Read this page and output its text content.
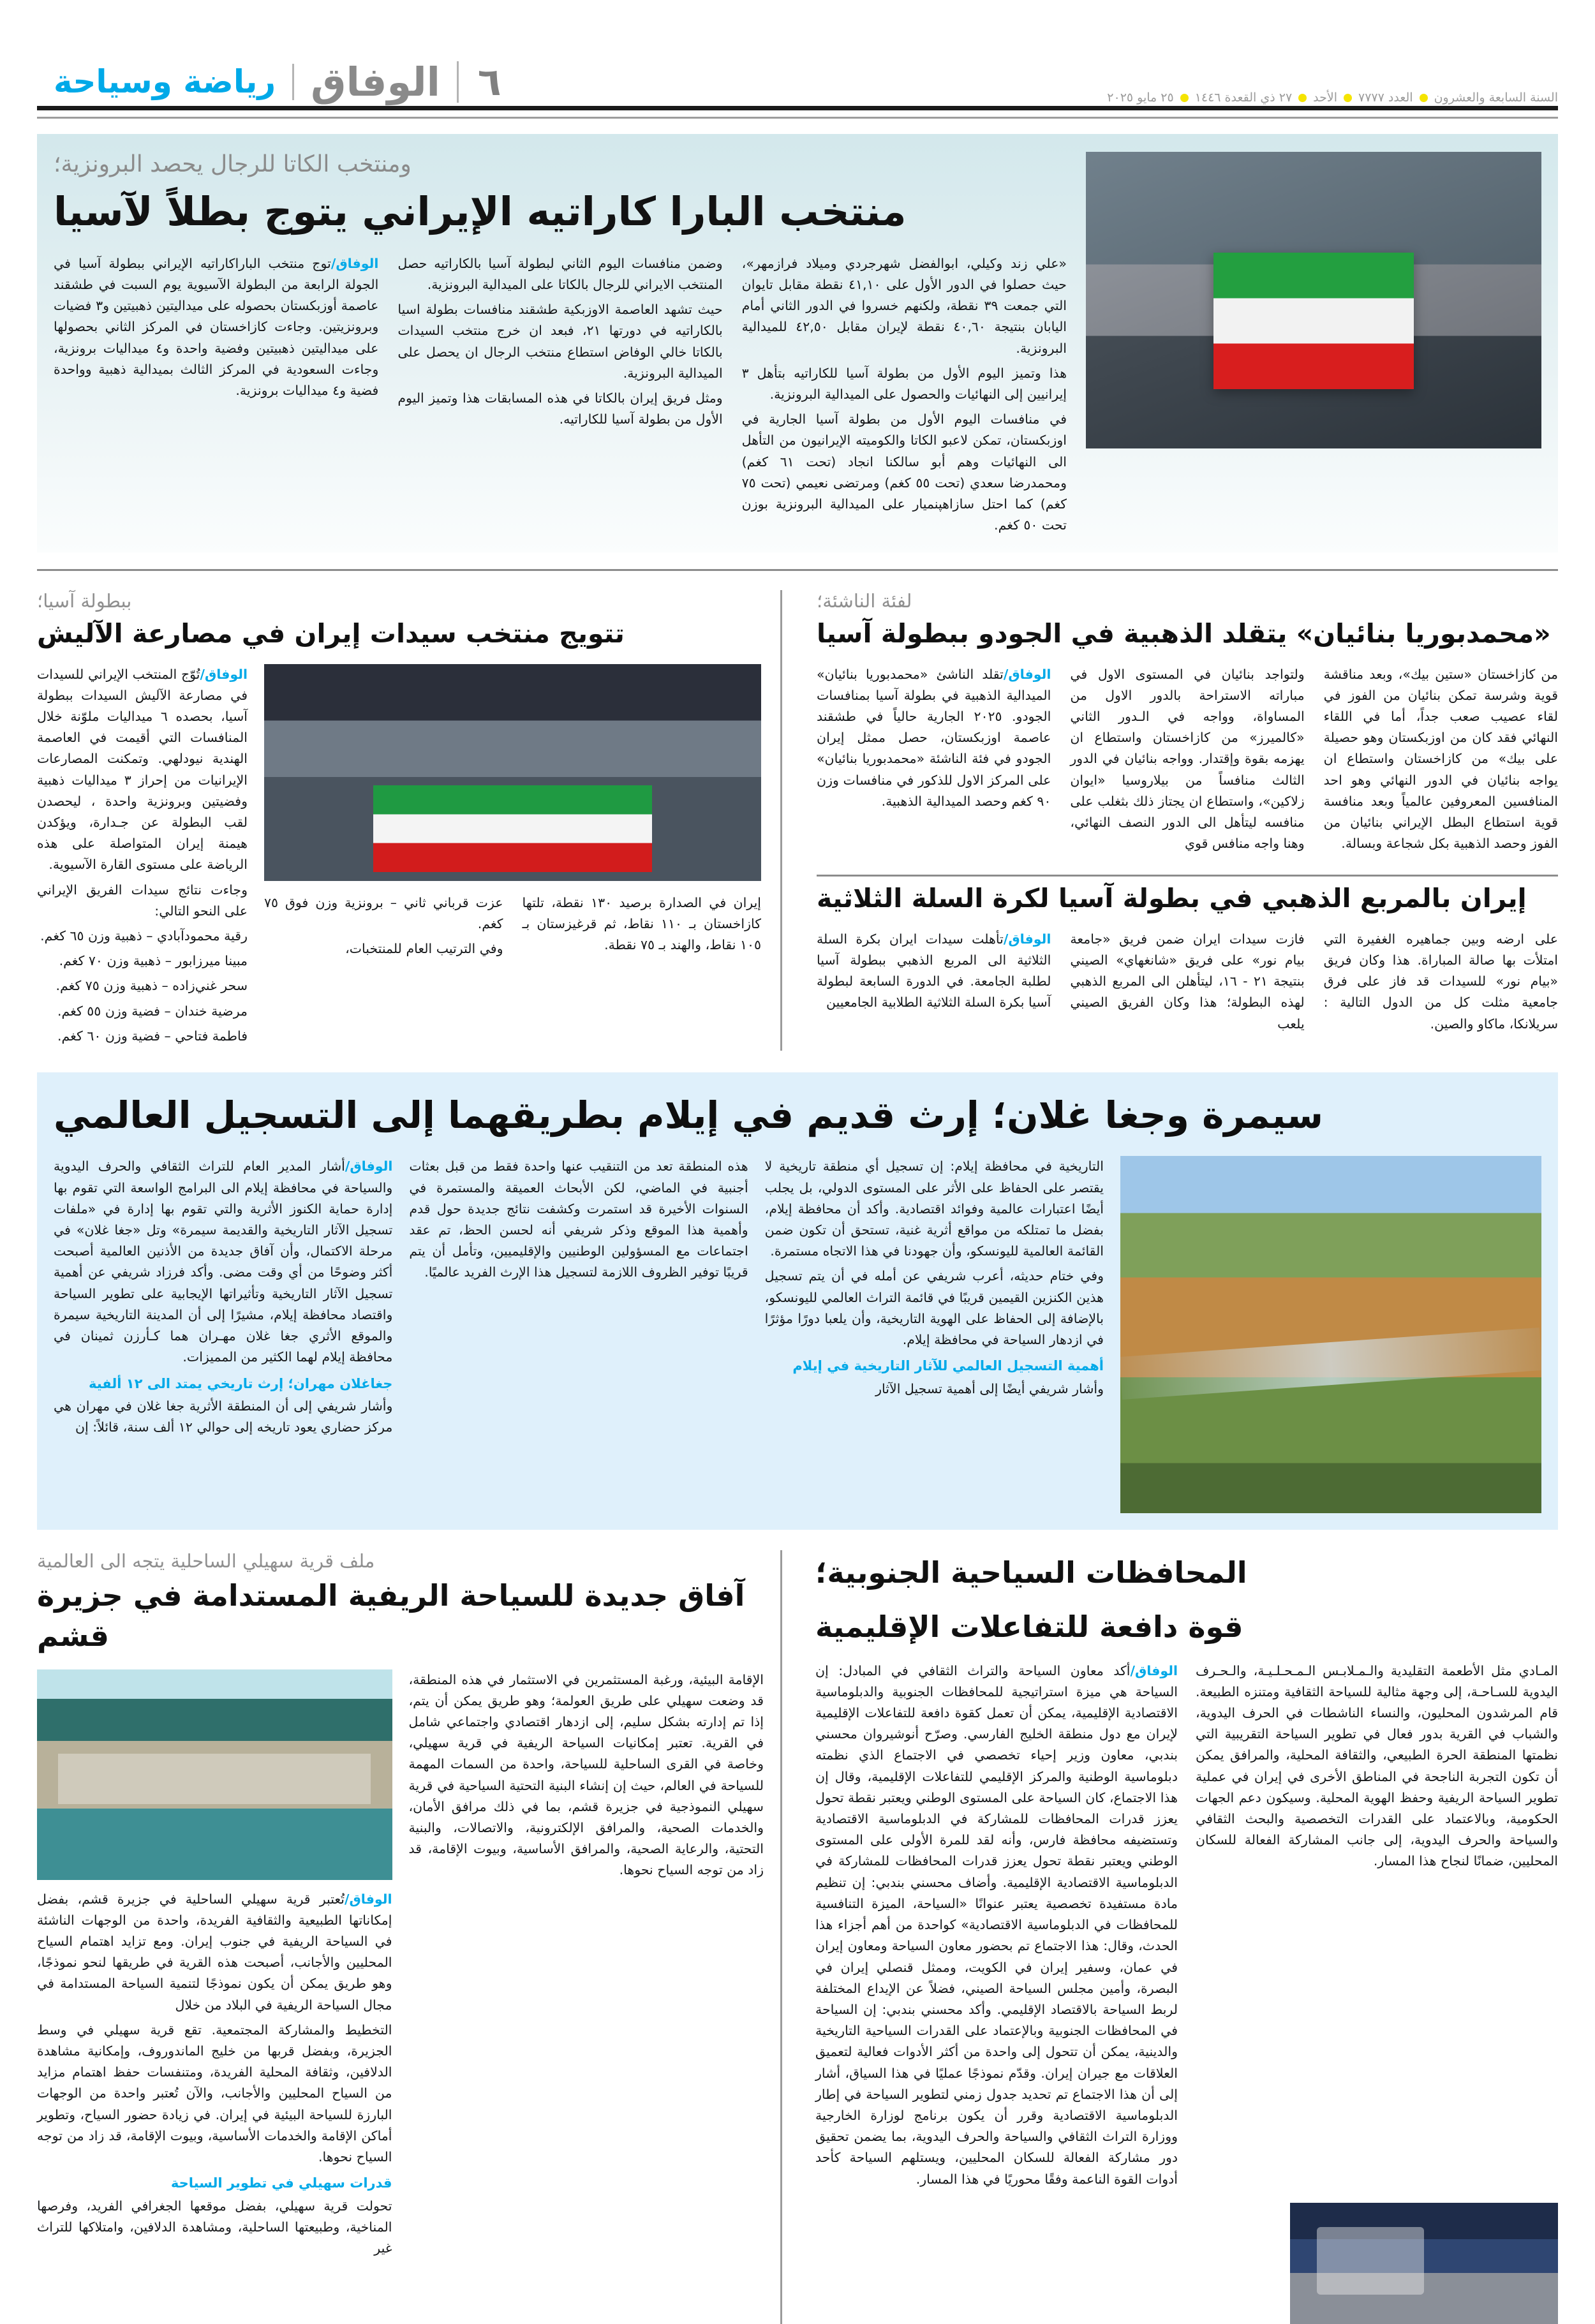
٦
الوفاق
رياضة وسياحة	السنة السابعة والعشرون
العدد ٧٧٧٧
الأحد
٢٧ ذي القعدة ١٤٤٦
٢٥ مايو ٢٠٢٥
ومنتخب الكاتا للرجال يحصد البرونزية؛
منتخب البارا كاراتيه الإيراني يتوج بطلاً لآسيا

«علي زند وكيلي، ابوالفضل شهرجردي وميلاد فرازمهر»، حيث حصلوا في الدور الأول على ٤١,١٠ نقطة مقابل تايوان التي جمعت ٣٩ نقطة، ولكنهم خسروا في الدور الثاني أمام اليابان بنتيجة ٤٠,٦٠ نقطة لإيران مقابل ٤٢,٥٠ للميدالية البرونزية.

هذا وتميز اليوم الأول من بطولة آسيا للكاراتيه بتأهل ٣ إيرانيين إلى النهائيات والحصول على الميدالية البرونزية.

في منافسات اليوم الأول من بطولة آسيا الجارية في اوزبكستان، تمكن لاعبو الكاتا والكوميته الإيرانيون من التأهل الى النهائيات وهم أبو سالكنا انجاد (تحت ٦١ كغم) ومحمدرضا سعدي (تحت ٥٥ كغم) ومرتضى نعيمي (تحت ٧٥ كغم) كما احتل سازاهپنمیار على الميدالية البرونزية بوزن تحت ٥٠ كغم.

وضمن منافسات اليوم الثاني لبطولة آسيا بالكاراتيه حصل المنتخب الايراني للرجال بالكاتا على الميدالية البرونزية.

حيث تشهد العاصمة الاوزبكية طشقند منافسات بطولة اسيا بالكاراتيه في دورتها ٢١، فبعد ان خرج منتخب السيدات بالكاتا خالي الوفاض استطاع منتخب الرجال ان يحصل على الميدالية البرونزية.

ومثل فريق إيران بالكاتا في هذه المسابقات هذا وتميز اليوم الأول من بطولة آسيا للكاراتيه.

الوفاق/توج منتخب الباراكاراتيه الإيراني ببطولة آسيا في الجولة الرابعة من البطولة الآسيوية يوم السبت في طشقند عاصمة أوزبكستان بحصوله على ميداليتين ذهبيتين و٣ فضيات وبرونزيتين. وجاءت كازاخستان في المركز الثاني بحصولها على ميداليتين ذهبيتين وفضية واحدة و٤ ميداليات برونزية، وجاءت السعودية في المركز الثالث بميدالية ذهبية وواحدة فضية و٤ ميداليات برونزية.

لفئة الناشئة؛
«محمدبوريا بنائيان» يتقلد الذهبية في الجودو ببطولة آسيا

من كازاخستان «ستين بيك»، وبعد مناقشة قوية وشرسة تمكن بنائيان من الفوز في لقاء عصيب صعب جداً، أما في اللقاء النهائي فقد كان من اوزبكستان وهو حصيلة على بيك» من كازاخستان واستطاع ان يواجه بنائيان في الدور النهائي وهو احد المنافسين المعروفين عالمياً وبعد منافسة قوية استطاع البطل الإيراني بنائيان من الفوز وحصد الذهبية بكل شجاعة وبسالة.

ولتواجد بنائيان في المستوى الاول في مباراته الاستراحة بالدور الاول من المساواة، وواجه في الـدور الثاني «كالميرز» من كازاخستان واستطاع ان يهزمه بقوة وإقتدار. وواجه بنائيان في الدور الثالث منافساً من بيلاروسيا «ايوان زلاكين»، واستطاع ان يجتاز ذلك بثغلب على منافسه ليتأهل الى الدور النصف النهائي، وهنا واجه منافس قوي

الوفاق/تقلد الناشئ «محمدبوريا بنائيان» الميدالية الذهبية في بطولة آسيا بمنافسات الجودو. ٢٠٢٥ الجارية حالياً في طشقند عاصمة اوزبكستان، حصل ممثل إيران الجودو في فئة الناشئة «محمدبوريا بنائيان» على المركز الاول للذكور في منافسات وزن ٩٠ كغم وحصد الميدالية الذهبية.

إيران بالمربع الذهبي في بطولة آسيا لكرة السلة الثلاثية

على ارضه وبين جماهيره الغفيرة التي امتلأت بها صالة المباراة. هذا وكان فريق «بيام نور» للسيدات قد فاز على فرق جامعية مثلت كل من الدول التالية : سريلانكا، ماكاو والصين.

فازت سيدات ايران ضمن فريق «جامعة بيام نور» على فريق «شانغهاي» الصيني بنتيجة ٢١ - ١٦، ليتأهلن الى المربع الذهبي لهذه البطولة؛ هذا وكان الفريق الصيني يلعب

الوفاق/تأهلت سيدات ايران بكرة السلة الثلاثية الى المربع الذهبي ببطولة آسيا لطلبة الجامعة. في الدورة السابعة لبطولة آسيا بكرة السلة الثلاثية الطلابية الجامعيين

ببطولة آسيا؛
تتويج منتخب سيدات إيران في مصارعة الآليش

إيران في الصدارة برصيد ١٣٠ نقطة، تلتها كازاخستان بـ ١١٠ نقاط، ثم قرغيزستان بـ ١٠٥ نقاط، والهند بـ ٧٥ نقطة.

عزت قرباني ثاني – برونزية وزن فوق ٧٥ كغم.

وفي الترتيب العام للمنتخبات،

الوفاق/تُوّج المنتخب الإيراني للسيدات في مصارعة الآليش السيدات ببطولة آسيا، بحصده ٦ ميداليات ملوّنة خلال المنافسات التي أقيمت في العاصمة الهندية نيودلهي. وتمكنت المصارعات الإيرانيات من إحراز ٣ ميداليات ذهبية وفضيتين وبرونزية واحدة ، ليحصدن لقب البطولة عن جـدارة، ويؤكدن هيمنة إيران المتواصلة على هذه الرياضة على مستوى القارة الآسيوية.

وجاءت نتائج سيدات الفريق الإيراني على النحو التالي:

رقية محمودآبادي – ذهبية وزن ٦٥ كغم.

مبينا ميرزابور – ذهبية وزن ٧٠ كغم.

سحر غني‌زاده – ذهبية وزن ٧٥ كغم.

مرضية خندان – فضية وزن ٥٥ كغم.

فاطمة فتاحي – فضية وزن ٦٠ كغم.

سيمرة وجغا غلان؛ إرث قديم في إيلام بطريقهما إلى التسجيل العالمي

التاريخية في محافظة إيلام: إن تسجيل أي منطقة تاريخية لا يقتصر على الحفاظ على الأثر على المستوى الدولي، بل يجلب أيضًا اعتبارات عالمية وفوائد اقتصادية. وأكد أن محافظة إيلام، بفضل ما تمتلكه من مواقع أثرية غنية، تستحق أن تكون ضمن القائمة العالمية لليونسكو، وأن جهودنا في هذا الاتجاه مستمرة.

وفي ختام حديثه، أعرب شريفي عن أمله في أن يتم تسجيل هذين الكنزين القيمين قريبًا في قائمة التراث العالمي لليونسكو، بالإضافة إلى الحفاظ على الهوية التاريخية، وأن يلعبا دورًا مؤثرًا في ازدهار السياحة في محافظة إيلام.

أهمية التسجيل العالمي للآثار التاريخية في إيلام

وأشار شريفي أيضًا إلى أهمية تسجيل الآثار

هذه المنطقة تعد من التنقيب عنها واحدة فقط من قبل بعثات أجنبية في الماضي، لكن الأبحاث العميقة والمستمرة في السنوات الأخيرة قد استمرت وكشفت نتائج جديدة حول قدم وأهمية هذا الموقع وذكر شريفي أنه لحسن الحظ، تم عقد اجتماعات مع المسؤولين الوطنيين والإقليميين، وتأمل أن يتم قريبًا توفير الظروف اللازمة لتسجيل هذا الإرث الفريد عالميًا.

الوفاق/أشار المدير العام للتراث الثقافي والحرف اليدوية والسياحة في محافظة إيلام الى البرامج الواسعة التي تقوم بها إدارة حماية الكنوز الأثرية والتي تقوم بها إدارة في «ملفات تسجيل الآثار التاريخية والقديمة سيمرة» وتل «جغا غلان» في مرحلة الاكتمال، وأن آفاق جديدة من الأذنين العالمية أصبحت أكثر وضوحًا من أي وقت مضى. وأكد فرزاد شريفي عن أهمية تسجيل الآثار التاريخية وتأثيراتها الإيجابية على تطوير السياحة واقتصاد محافظة إيلام، مشيرًا إلى أن المدينة التاريخية سيمرة والموقع الأثري جغا غلان مهـران هما كـأرزن ثمينان في محافظة إيلام لهما الكثير من المميزات.

جغاغلان مهران؛ إرث تاريخي يمتد الى ١٢ ألفية

وأشار شريفي إلى أن المنطقة الأثرية جغا غلان في مهران هي مركز حضاري يعود تاريخه إلى حوالي ١٢ ألف سنة، قائلاً: إن

المحافظات السياحية الجنوبية؛
قوة دافعة للتفاعلات الإقليمية

المـادي مثل الأطعمة التقليدية والـمـلابـس الـمـحـلـيـة، والـحـرف اليدوية للسـاحـة، إلى وجهة مثالية للسياحة الثقافية ومتنزه الطبيعة. قام المرشدون المحليون، والنساء الناشطات في الحرف اليدوية، والشباب في القرية بدور فعال في تطوير السياحة التقريبية التي نظمتها المنطقة الحرة الطبيعي، والثقافة المحلية، والمرافق يمكن أن تكون التجربة الناجحة في المناطق الأخرى في إيران في عملية تطوير السياحة الريفية وحفظ الهوية المحلية. وسيكون دعم الجهات الحكومية، وبالاعتماد على القدرات التخصصية والبحث الثقافي والسياحة والحرف اليدوية، إلى جانب المشاركة الفعالة للسكان المحليين، ضمانًا لنجاح هذا المسار.

الوفاق/أكد معاون السياحة والتراث الثقافي في المبادل: إن السياحة هي ميزة استراتيجية للمحافظات الجنوبية والدبلوماسية الاقتصادية الإقليمية، يمكن أن تعمل كقوة دافعة للتفاعلات الإقليمية لإيران مع دول منطقة الخليج الفارسي. وصرّح أنوشيروان محسني بندبي، معاون وزير إحياء تخصصي في الاجتماع الذي نظمته دبلوماسية الوطنية والمركز الإقليمي للتفاعلات الإقليمية، وقال إن هذا الاجتماع، كان السياحة على المستوى الوطني ويعتبر نقطة تحول يعزز قدرات المحافظات للمشاركة في الدبلوماسية الاقتصادية وتستضيفه محافظة فارس، وأنه لقد للمرة الأولى على المستوى الوطني ويعتبر نقطة تحول يعزز قدرات المحافظات للمشاركة في الدبلوماسية الاقتصادية الإقليمية. وأضاف محسني بندبي: إن تنظيم مادة مستفيدة تخصصية يعتبر عنوانًا «السياحة، الميزة التنافسية للمحافظات في الدبلوماسية الاقتصادية» كواحدة من أهم أجزاء هذا الحدث، وقال: هذا الاجتماع تم بحضور معاون السياحة ومعاون إيران في عمان، وسفير إيران في الكويت، وممثل قنصلي إيران في البصرة، وأمين مجلس السياحة الصيني، فضلاً عن الإيداع المختلفة لربط السياحة بالاقتصاد الإقليمي. وأكد محسني بندبي: إن السياحة في المحافظات الجنوبية وبالإعتماد على القدرات السياحية التاريخية والدينية، يمكن أن تتحول إلى واحدة من أكثر الأدوات فعالية لتعميق العلاقات مع جيران إيران. وقدّم نموذجًا عمليًا في هذا السياق، أشار إلى أن هذا الاجتماع تم تحديد جدول زمني لتطوير السياحة في إطار الدبلوماسية الاقتصادية وقرر أن يكون برنامج لوزارة الخارجية ووزارة التراث الثقافي والسياحة والحرف اليدوية، بما يضمن تحقيق دور مشاركة الفعالة للسكان المحليين، ويستلهم السياحة كأحد أدوات القوة الناعمة وفقًا محوريًا في هذا المسار.

ملف قرية سهيلي الساحلية يتجه الى العالمية
آفاق جديدة للسياحة الريفية المستدامة في جزيرة قشم

الإقامة البيئية، ورغبة المستثمرين في الاستثمار في هذه المنطقة، قد وضعت سهيلي على طريق العولمة؛ وهو طريق يمكن أن يتم، إذا تم إدارته بشكل سليم، إلى ازدهار اقتصادي واجتماعي شامل في القرية. تعتبر إمكانيات السياحة الريفية في قرية سهيلي، وخاصة في القرى الساحلية للسياحة، واحدة من السمات المهمة للسياحة في العالم، حيث إن إنشاء البنية التحتية السياحية في قرية سهيلي النموذجية في جزيرة قشم، بما في ذلك مرافق الأمان، والخدمات الصحية، والمرافق الإلكترونية، والاتصالات، والبنية التحتية، والرعاية الصحية، والمرافق الأساسية، وبيوت الإقامة، قد زاد من توجه السياح نحوها.

الوفاق/تُعتبر قرية سهيلي الساحلية في جزيرة قشم، بفضل إمكاناتها الطبيعية والثقافية الفريدة، واحدة من الوجهات الناشئة في السياحة الريفية في جنوب إيران. ومع تزايد اهتمام السياح المحليين والأجانب، أصبحت هذه القرية في طريقها لنحو نموذجًا، وهو طريق يمكن أن يكون نموذجًا لتنمية السياحة المستدامة في مجال السياحة الريفية في البلاد من خلال

التخطيط والمشاركة المجتمعية. تقع قرية سهيلي في وسط الجزيرة، وبفضل قربها من خليج الماندوروف، وإمكانية مشاهدة الدلافين، وثقافة المحلية الفريدة، ومتنفسات حفظ اهتمام مزايد من السياح المحليين والأجانب، والآن تُعتبر واحدة من الوجهات البارزة للسياحة البيئية في إيران. في زيادة حضور السياح، وتطوير أماكن الإقامة والخدمات الأساسية، وبيوت الإقامة، قد زاد من توجه السياح نحوها.

قدرات سهيلي في تطوير السياحة

تحولت قرية سهيلي، بفضل موقعها الجغرافي الفريد، وفرصها المناخية، وطبيعتها الساحلية، ومشاهدة الدلافين، وامتلاكها للتراث غير
